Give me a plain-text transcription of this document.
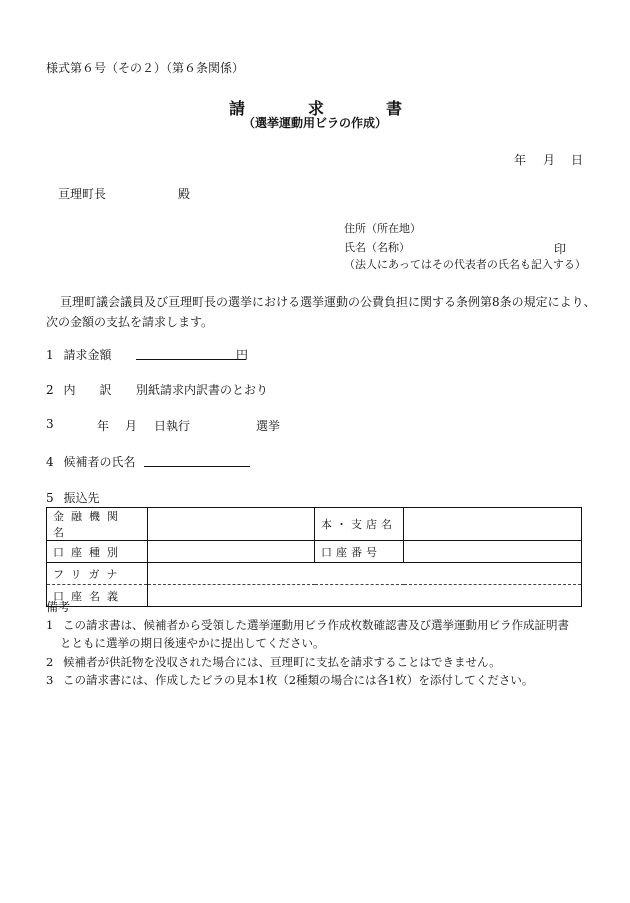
様式第６号（その２）（第６条関係）
請	求	書
（選挙運動用ビラの作成）
年 月 日
亘理町長	殿
住所（所在地）
氏名（名称）	印
（法人にあってはその代表者の氏名も記入する）
亘理町議会議員及び亘理町長の選挙における選挙運動の公費負担に関する条例第8条の規定により、次の金額の支払を請求します。
1 請求金額	円
2 内　　訳 別紙請求内訳書のとおり
3	年 月 日執行	選挙
4 候補者の氏名
5 振込先
金融機関名		本・支店名	
口座種別		口座番号	
フリガナ			
口座名義			
備考
1 この請求書は、候補者から受領した選挙運動用ビラ作成枚数確認書及び選挙運動用ビラ作成証明書
とともに選挙の期日後速やかに提出してください。
2 候補者が供託物を没収された場合には、亘理町に支払を請求することはできません。
3 この請求書には、作成したビラの見本1枚（2種類の場合には各1枚）を添付してください。
